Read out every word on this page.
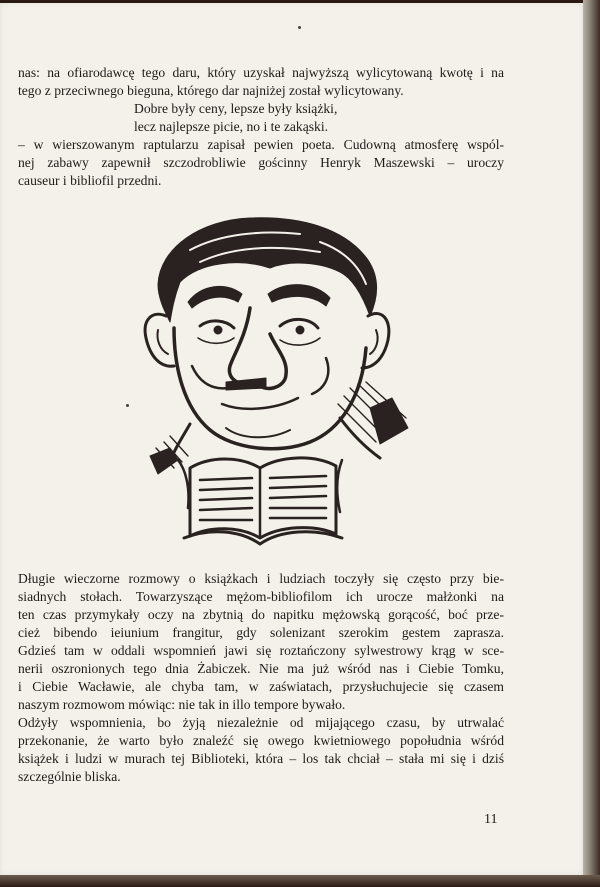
nas: na ofiarodawcę tego daru, który uzyskał najwyższą wylicytowaną kwotę i na

tego z przeciwnego bieguna, którego dar najniżej został wylicytowany.

Dobre były ceny, lepsze były książki,

lecz najlepsze picie, no i te zakąski.

– w wierszowanym raptularzu zapisał pewien poeta. Cudowną atmosferę wspól-

nej zabawy zapewnił szczodrobliwie gościnny Henryk Maszewski – uroczy

causeur i bibliofil przedni.

Długie wieczorne rozmowy o książkach i ludziach toczyły się często przy bie-

siadnych stołach. Towarzyszące mężom-bibliofilom ich urocze małżonki na

ten czas przymykały oczy na zbytnią do napitku mężowską gorącość, boć prze-

cież bibendo ieiunium frangitur, gdy solenizant szerokim gestem zaprasza.

Gdzieś tam w oddali wspomnień jawi się roztańczony sylwestrowy krąg w sce-

nerii oszronionych tego dnia Żabiczek. Nie ma już wśród nas i Ciebie Tomku,

i Ciebie Wacławie, ale chyba tam, w zaświatach, przysłuchujecie się czasem

naszym rozmowom mówiąc: nie tak in illo tempore bywało.

Odżyły wspomnienia, bo żyją niezależnie od mijającego czasu, by utrwalać

przekonanie, że warto było znaleźć się owego kwietniowego popołudnia wśród

książek i ludzi w murach tej Biblioteki, która – los tak chciał – stała mi się i dziś

szczególnie bliska.

11
